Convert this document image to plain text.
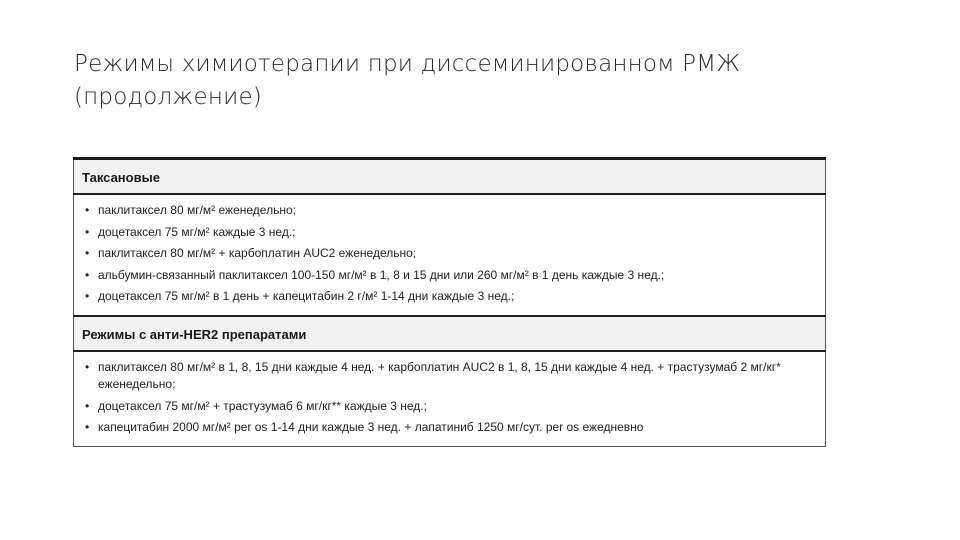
Режимы химиотерапии при диссеминированном РМЖ
(продолжение)
Таксановые

• паклитаксел 80 мг/м² еженедельно;
• доцетаксел 75 мг/м² каждые 3 нед.;
• паклитаксел 80 мг/м² + карбоплатин AUC2 еженедельно;
• альбумин-связанный паклитаксел 100-150 мг/м² в 1, 8 и 15 дни или 260 мг/м² в 1 день каждые 3 нед.;
• доцетаксел 75 мг/м² в 1 день + капецитабин 2 г/м² 1-14 дни каждые 3 нед.;

Режимы с анти-HER2 препаратами

• паклитаксел 80 мг/м² в 1, 8, 15 дни каждые 4 нед. + карбоплатин AUC2 в 1, 8, 15 дни каждые 4 нед. + трастузумаб 2 мг/кг* еженедельно;
• доцетаксел 75 мг/м² + трастузумаб 6 мг/кг** каждые 3 нед.;
• капецитабин 2000 мг/м² per os 1-14 дни каждые 3 нед. + лапатиниб 1250 мг/сут. per os ежедневно
